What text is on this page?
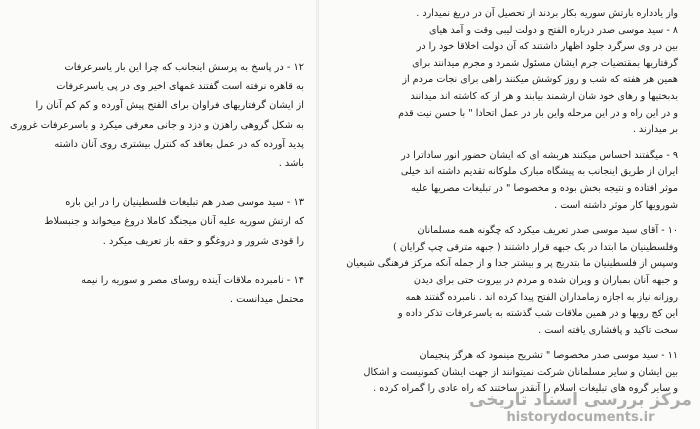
۱۲ - در پاسخ به پرسش اینجانب که چرا این بار یاسرعرفات
به قاهره نرفته است گفتند غمهای اخیر وی در پی یاسرعرفات
از ایشان گرفتاریهای فراوان برای الفتح پیش آورده و کم کم آنان را
به شکل گروهی راهزن و دزد و جانی معرفی میکرد و باسرعرفات غروری
پدید آورده که در عمل بعاقد که کنترل بیشتری روی آنان داشته
باشد .
۱۳ - سید موسی صدر هم تبلیغات فلسطینیان را در این باره
که ارتش سوریه علیه آنان میجنگد کاملا دروغ میخواند و جنبسلاط
را قودی شرور و دروغگو و حقه باز تعریف میکرد .
۱۴ - نامبرده ملاقات آینده روسای مصر و سوریه را نیمه
محتمل میدانست .
واز یادداره بارتش سوریه بکار بردند از تحصیل آن در دریغ نمیدارد .
۸ - سید موسی صدر درباره الفتح و دولت لیبی وقت و آمد هیای
بین در وی سرگرد جلود اظهار داشتند که آن دولت اخلاقا خود را در
گرفتاریها بمقتضیات جرم ایشان مسئول شمرد و مجرم میدانند برای
همین هر هفته که شب و روز کوشش میکنند راهی برای نجات مردم از
بدبختیها و رهای خود شان ارشمند بیابند و هر از که کاشته اند میدانند
و در این راه و در این مرحله واین بار در عمل اتحادا " با حسن نیت قدم
بر میدارند .
۹ - میگفتند احساس میکنند هربشه ای که ایشان حضور انور ساداترا در
ایران از طریق اینجانب به پیشگاه مبارک ملوکانه تقدیم داشته اند خیلی
موثر افتاده و نتیجه بخش بوده و مخصوصا " در تبلیغات مصریها علیه
شورویها کار موثر داشته است .
۱۰ - آقای سید موسی صدر تعریف میکرد که چگونه همه مسلمانان
وفلسطینیان ما ابتدا در یک جبهه قرار داشتند ( جبهه مترقی چپ گرایان )
وسپس از فلسطینیان ما بتدریج پر و بیشتر جدا و از جمله آنکه مرکز فرهنگی شیعیان
و جبهه آنان بمباران و ویران شده و مردم در بیروت حتی برای دیدن
روزانه نیاز به اجازه زمامداران الفتح پیدا کرده اند . نامبرده گفتند همه
این کج رویها و در همین ملاقات شب گذشته به یاسرعرفات تذکر داده و
سخت تاکید و پافشاری یافته است .
۱۱ - سید موسی صدر مخصوصا " تشریح مینمود که هرگز پنجیمان
بین ایشان و سایر مسلمانان شرکت نمیتوانند از جهت ایشان کمونیست و اشکال
و سایر گروه های تبلیغات اسلام را آنقدر ساختند که راه عادی را گمراه کرده .
مرکز بررسی اسناد تاریخی
historydocuments.ir
